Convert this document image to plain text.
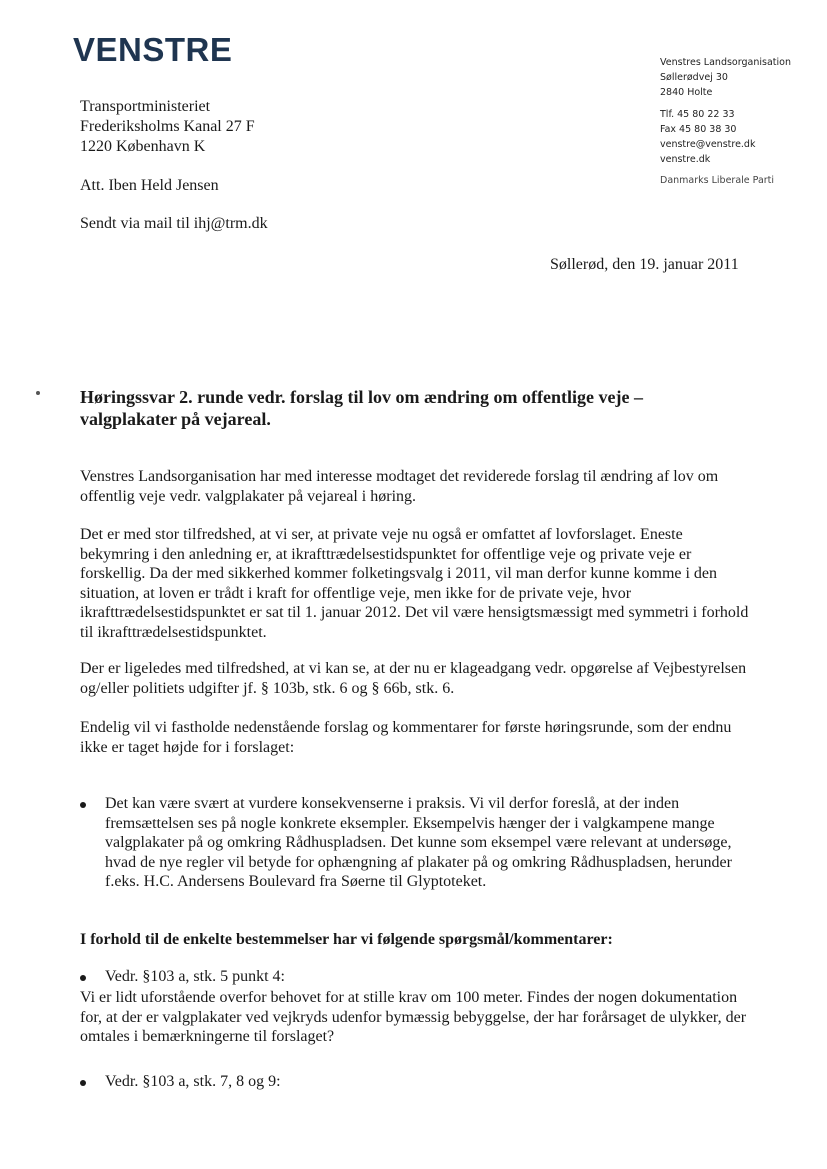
VENSTRE	Venstres Landsorganisation
Søllerødvej 30
2840 Holte
Tlf. 45 80 22 33
Fax 45 80 38 30
venstre@venstre.dk
venstre.dk
Danmarks Liberale Parti
Transportministeriet
Frederiksholms Kanal 27 F
1220 København K
Att. Iben Held Jensen
Sendt via mail til ihj@trm.dk
Søllerød, den 19. januar 2011
Høringssvar 2. runde vedr. forslag til lov om ændring om offentlige veje – valgplakater på vejareal.
Venstres Landsorganisation har med interesse modtaget det reviderede forslag til ændring af lov om offentlig veje vedr. valgplakater på vejareal i høring.
Det er med stor tilfredshed, at vi ser, at private veje nu også er omfattet af lovforslaget. Eneste bekymring i den anledning er, at ikrafttrædelsestidspunktet for offentlige veje og private veje er forskellig. Da der med sikkerhed kommer folketingsvalg i 2011, vil man derfor kunne komme i den situation, at loven er trådt i kraft for offentlige veje, men ikke for de private veje, hvor ikrafttrædelsestidspunktet er sat til 1. januar 2012. Det vil være hensigtsmæssigt med symmetri i forhold til ikrafttrædelsestidspunktet.
Der er ligeledes med tilfredshed, at vi kan se, at der nu er klageadgang vedr. opgørelse af Vejbestyrelsen og/eller politiets udgifter jf. § 103b, stk. 6 og § 66b, stk. 6.
Endelig vil vi fastholde nedenstående forslag og kommentarer for første høringsrunde, som der endnu ikke er taget højde for i forslaget:
Det kan være svært at vurdere konsekvenserne i praksis. Vi vil derfor foreslå, at der inden fremsættelsen ses på nogle konkrete eksempler. Eksempelvis hænger der i valgkampene mange valgplakater på og omkring Rådhuspladsen. Det kunne som eksempel være relevant at undersøge, hvad de nye regler vil betyde for ophængning af plakater på og omkring Rådhuspladsen, herunder f.eks. H.C. Andersens Boulevard fra Søerne til Glyptoteket.
I forhold til de enkelte bestemmelser har vi følgende spørgsmål/kommentarer:
Vedr. §103 a, stk. 5 punkt 4:
Vi er lidt uforstående overfor behovet for at stille krav om 100 meter. Findes der nogen dokumentation for, at der er valgplakater ved vejkryds udenfor bymæssig bebyggelse, der har forårsaget de ulykker, der omtales i bemærkningerne til forslaget?
Vedr. §103 a, stk. 7, 8 og 9:
